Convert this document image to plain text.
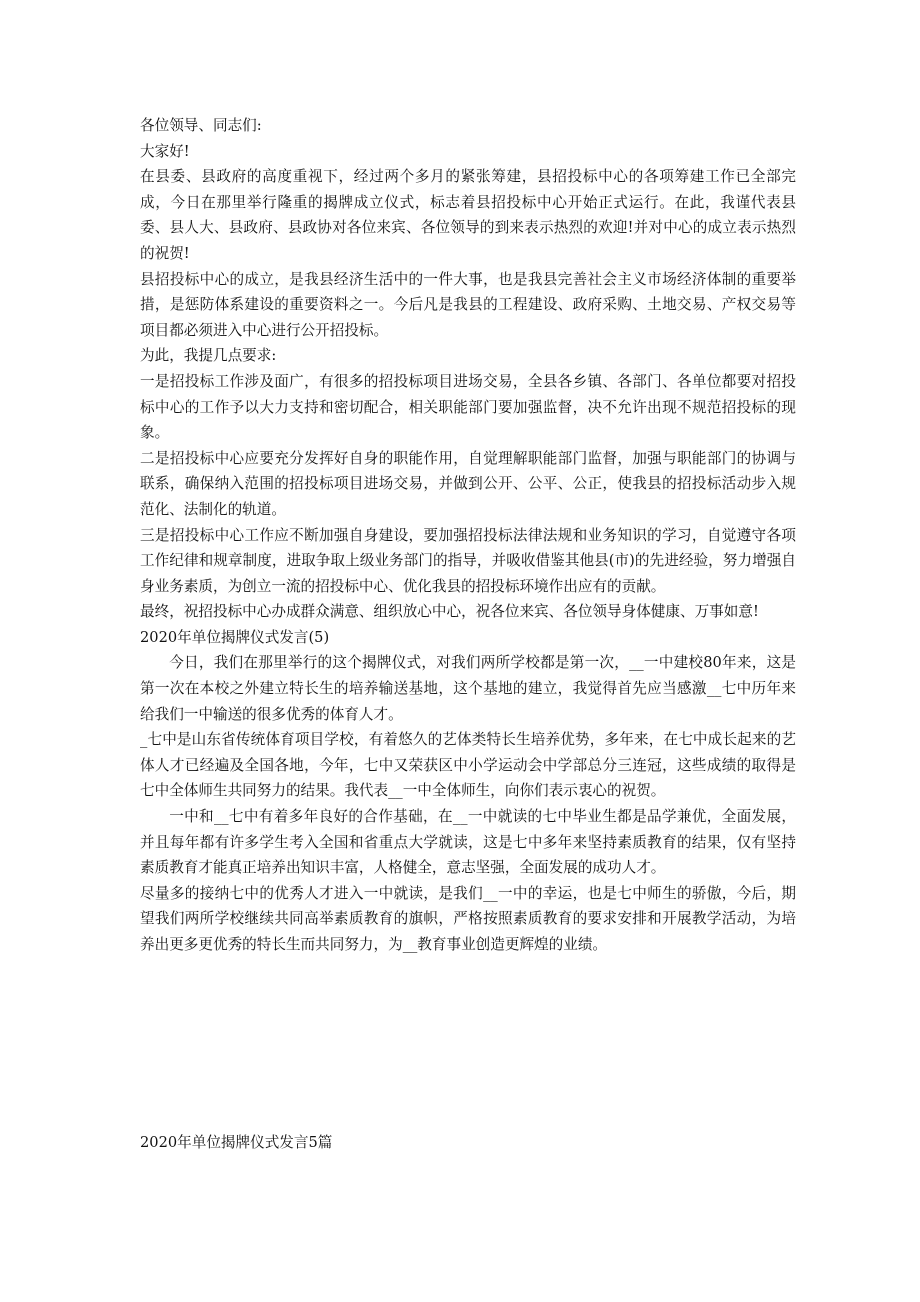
各位领导、同志们:

大家好!

在县委、县政府的高度重视下，经过两个多月的紧张筹建，县招投标中心的各项筹建工作已全部完成，今日在那里举行隆重的揭牌成立仪式，标志着县招投标中心开始正式运行。在此，我谨代表县委、县人大、县政府、县政协对各位来宾、各位领导的到来表示热烈的欢迎!并对中心的成立表示热烈的祝贺!

县招投标中心的成立，是我县经济生活中的一件大事，也是我县完善社会主义市场经济体制的重要举措，是惩防体系建设的重要资料之一。今后凡是我县的工程建设、政府采购、土地交易、产权交易等项目都必须进入中心进行公开招投标。

为此，我提几点要求:

一是招投标工作涉及面广，有很多的招投标项目进场交易，全县各乡镇、各部门、各单位都要对招投标中心的工作予以大力支持和密切配合，相关职能部门要加强监督，决不允许出现不规范招投标的现象。

二是招投标中心应要充分发挥好自身的职能作用，自觉理解职能部门监督，加强与职能部门的协调与联系，确保纳入范围的招投标项目进场交易，并做到公开、公平、公正，使我县的招投标活动步入规范化、法制化的轨道。

三是招投标中心工作应不断加强自身建设，要加强招投标法律法规和业务知识的学习，自觉遵守各项工作纪律和规章制度，进取争取上级业务部门的指导，并吸收借鉴其他县(市)的先进经验，努力增强自身业务素质，为创立一流的招投标中心、优化我县的招投标环境作出应有的贡献。

最终，祝招投标中心办成群众满意、组织放心中心，祝各位来宾、各位领导身体健康、万事如意!

2020年单位揭牌仪式发言(5)

今日，我们在那里举行的这个揭牌仪式，对我们两所学校都是第一次，__一中建校80年来，这是第一次在本校之外建立特长生的培养输送基地，这个基地的建立，我觉得首先应当感激__七中历年来给我们一中输送的很多优秀的体育人才。

_七中是山东省传统体育项目学校，有着悠久的艺体类特长生培养优势，多年来，在七中成长起来的艺体人才已经遍及全国各地，今年，七中又荣获区中小学运动会中学部总分三连冠，这些成绩的取得是七中全体师生共同努力的结果。我代表__一中全体师生，向你们表示衷心的祝贺。

一中和__七中有着多年良好的合作基础，在__一中就读的七中毕业生都是品学兼优，全面发展，并且每年都有许多学生考入全国和省重点大学就读，这是七中多年来坚持素质教育的结果，仅有坚持素质教育才能真正培养出知识丰富，人格健全，意志坚强，全面发展的成功人才。

尽量多的接纳七中的优秀人才进入一中就读，是我们__一中的幸运，也是七中师生的骄傲，今后，期望我们两所学校继续共同高举素质教育的旗帜，严格按照素质教育的要求安排和开展教学活动，为培养出更多更优秀的特长生而共同努力，为__教育事业创造更辉煌的业绩。

2020年单位揭牌仪式发言5篇
